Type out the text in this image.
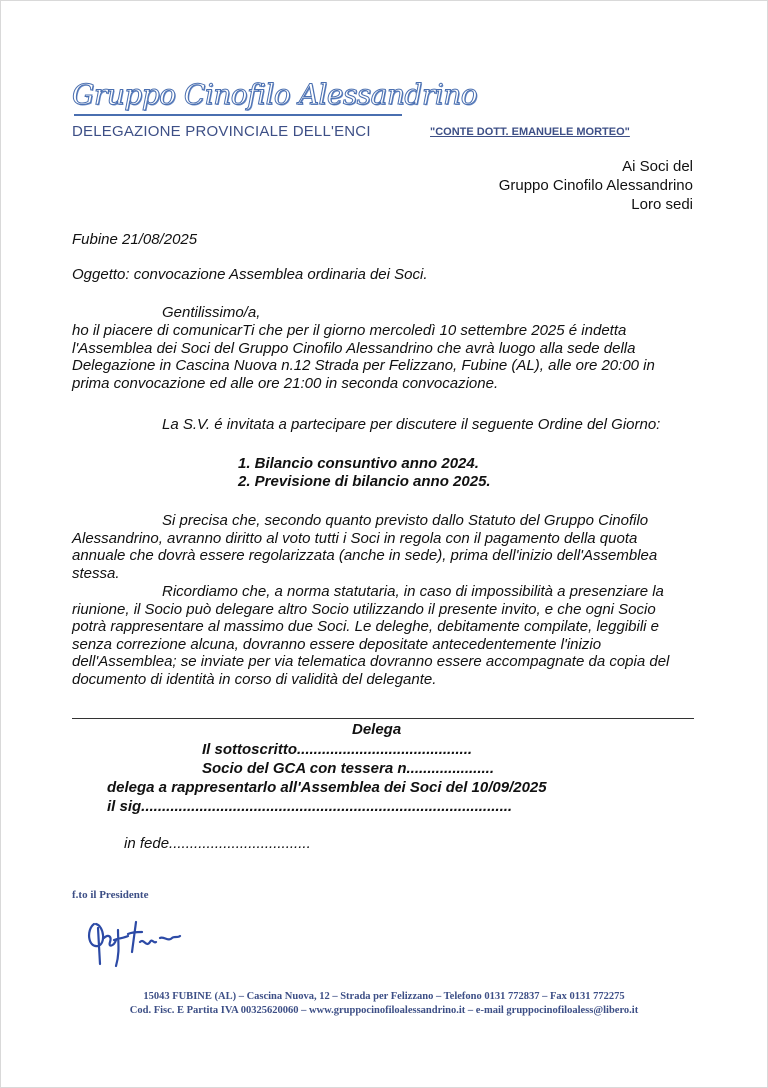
Gruppo Cinofilo Alessandrino
DELEGAZIONE PROVINCIALE DELL'ENCI	"CONTE DOTT. EMANUELE MORTEO"
Ai Soci del
Gruppo Cinofilo Alessandrino
Loro sedi
Fubine 21/08/2025
Oggetto: convocazione Assemblea ordinaria dei Soci.
Gentilissimo/a,
ho il piacere di comunicarTi che per il giorno mercoledì 10 settembre 2025 é indetta l'Assemblea dei Soci del Gruppo Cinofilo Alessandrino che avrà luogo alla sede della Delegazione in Cascina Nuova n.12 Strada per Felizzano, Fubine (AL), alle ore 20:00 in prima convocazione ed alle ore 21:00 in seconda convocazione.
La S.V. é invitata a partecipare per discutere il seguente Ordine del Giorno:
1. Bilancio consuntivo anno 2024.
2. Previsione di bilancio anno 2025.
Si precisa che, secondo quanto previsto dallo Statuto del Gruppo Cinofilo Alessandrino, avranno diritto al voto tutti i Soci in regola con il pagamento della quota annuale che dovrà essere regolarizzata (anche in sede), prima dell'inizio dell'Assemblea stessa.
Ricordiamo che, a norma statutaria, in caso di impossibilità a presenziare la riunione, il Socio può delegare altro Socio utilizzando il presente invito, e che ogni Socio potrà rappresentare al massimo due Soci. Le deleghe, debitamente compilate, leggibili e senza correzione alcuna, dovranno essere depositate antecedentemente l'inizio dell'Assemblea; se inviate per via telematica dovranno essere accompagnate da copia del documento di identità in corso di validità del delegante.
Delega
Il sottoscritto..........................................
Socio del GCA con tessera n.....................
delega a rappresentarlo all'Assemblea dei Soci del 10/09/2025
il sig.........................................................................................
in fede..................................
f.to il Presidente
15043 FUBINE (AL) – Cascina Nuova, 12 – Strada per Felizzano – Telefono 0131 772837 – Fax 0131 772275
Cod. Fisc. E Partita IVA 00325620060 – www.gruppocinofiloalessandrino.it – e-mail gruppocinofiloaless@libero.it
